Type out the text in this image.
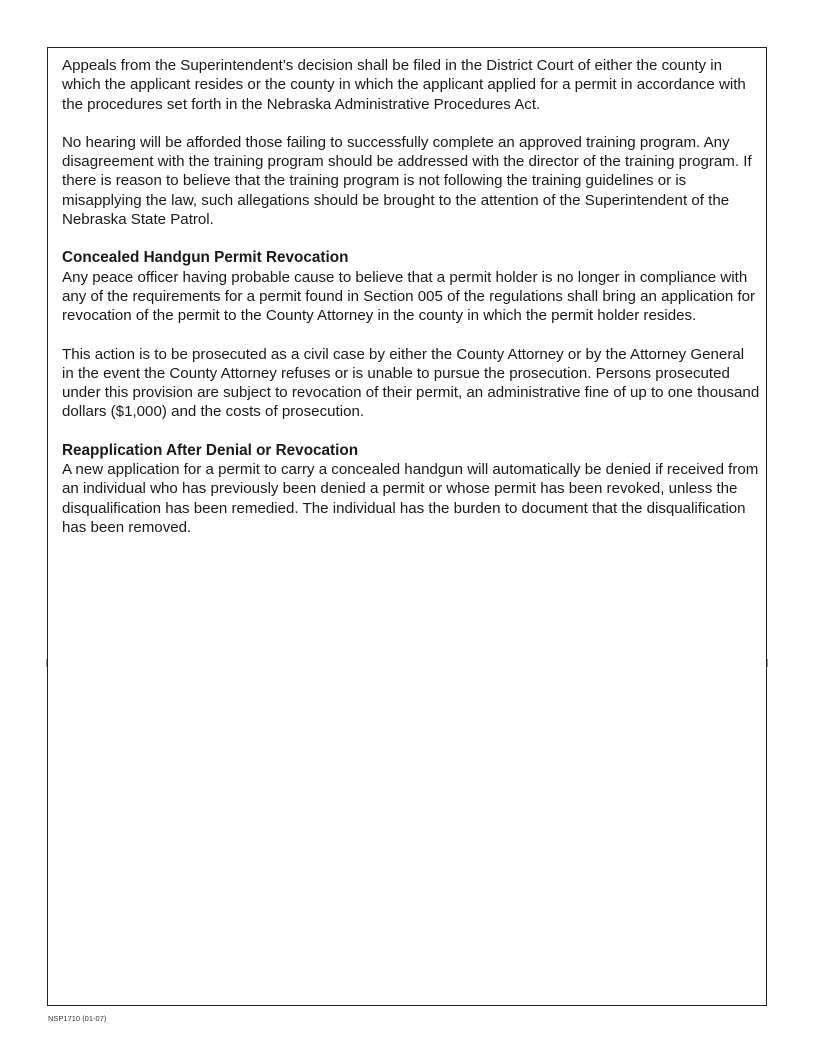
Appeals from the Superintendent’s decision shall be filed in the District Court of either the county in which the applicant resides or the county in which the applicant applied for a permit in accordance with the procedures set forth in the Nebraska Administrative Procedures Act.

No hearing will be afforded those failing to successfully complete an approved training program. Any disagreement with the training program should be addressed with the director of the training program. If there is reason to believe that the training program is not following the training guidelines or is misapplying the law, such allegations should be brought to the attention of the Superintendent of the Nebraska State Patrol.

Concealed Handgun Permit Revocation

Any peace officer having probable cause to believe that a permit holder is no longer in compliance with any of the requirements for a permit found in Section 005 of the regulations shall bring an application for revocation of the permit to the County Attorney in the county in which the permit holder resides.

This action is to be prosecuted as a civil case by either the County Attorney or by the Attorney General in the event the County Attorney refuses or is unable to pursue the prosecution. Persons prosecuted under this provision are subject to revocation of their permit, an administrative fine of up to one thousand dollars ($1,000) and the costs of prosecution.

Reapplication After Denial or Revocation

A new application for a permit to carry a concealed handgun will automatically be denied if received from an individual who has previously been denied a permit or whose permit has been revoked, unless the disqualification has been remedied. The individual has the burden to document that the disqualification has been removed.

NSP1710 (01-07)
